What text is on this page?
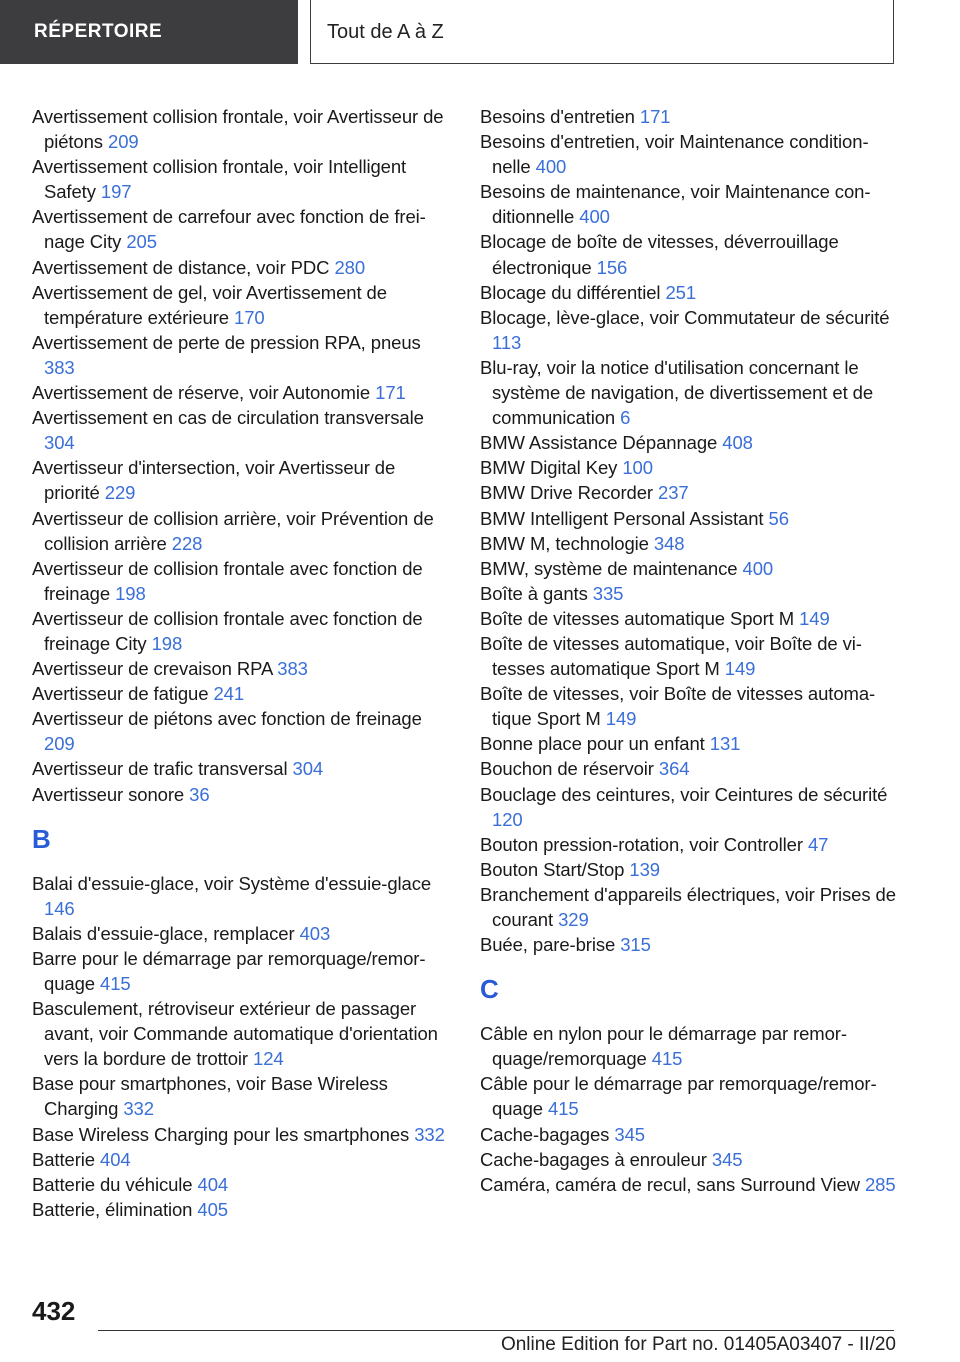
RÉPERTOIRE	Tout de A à Z
Avertissement collision frontale, voir Avertisseur de piétons 209
Avertissement collision frontale, voir Intelligent Safety 197
Avertissement de carrefour avec fonction de freinage City 205
Avertissement de distance, voir PDC 280
Avertissement de gel, voir Avertissement de température extérieure 170
Avertissement de perte de pression RPA, pneus 383
Avertissement de réserve, voir Autonomie 171
Avertissement en cas de circulation transversale 304
Avertisseur d'intersection, voir Avertisseur de priorité 229
Avertisseur de collision arrière, voir Prévention de collision arrière 228
Avertisseur de collision frontale avec fonction de freinage 198
Avertisseur de collision frontale avec fonction de freinage City 198
Avertisseur de crevaison RPA 383
Avertisseur de fatigue 241
Avertisseur de piétons avec fonction de freinage 209
Avertisseur de trafic transversal 304
Avertisseur sonore 36
B
Balai d'essuie-glace, voir Système d'essuie-glace 146
Balais d'essuie-glace, remplacer 403
Barre pour le démarrage par remorquage/remorquage 415
Basculement, rétroviseur extérieur de passager avant, voir Commande automatique d'orientation vers la bordure de trottoir 124
Base pour smartphones, voir Base Wireless Charging 332
Base Wireless Charging pour les smartphones 332
Batterie 404
Batterie du véhicule 404
Batterie, élimination 405
Besoins d'entretien 171
Besoins d'entretien, voir Maintenance conditionnelle 400
Besoins de maintenance, voir Maintenance conditionnelle 400
Blocage de boîte de vitesses, déverrouillage électronique 156
Blocage du différentiel 251
Blocage, lève-glace, voir Commutateur de sécurité 113
Blu-ray, voir la notice d'utilisation concernant le système de navigation, de divertissement et de communication 6
BMW Assistance Dépannage 408
BMW Digital Key 100
BMW Drive Recorder 237
BMW Intelligent Personal Assistant 56
BMW M, technologie 348
BMW, système de maintenance 400
Boîte à gants 335
Boîte de vitesses automatique Sport M 149
Boîte de vitesses automatique, voir Boîte de vitesses automatique Sport M 149
Boîte de vitesses, voir Boîte de vitesses automatique Sport M 149
Bonne place pour un enfant 131
Bouchon de réservoir 364
Bouclage des ceintures, voir Ceintures de sécurité 120
Bouton pression-rotation, voir Controller 47
Bouton Start/Stop 139
Branchement d'appareils électriques, voir Prises de courant 329
Buée, pare-brise 315
C
Câble en nylon pour le démarrage par remorquage/remorquage 415
Câble pour le démarrage par remorquage/remorquage 415
Cache-bagages 345
Cache-bagages à enrouleur 345
Caméra, caméra de recul, sans Surround View 285
432
Online Edition for Part no. 01405A03407 - II/20
